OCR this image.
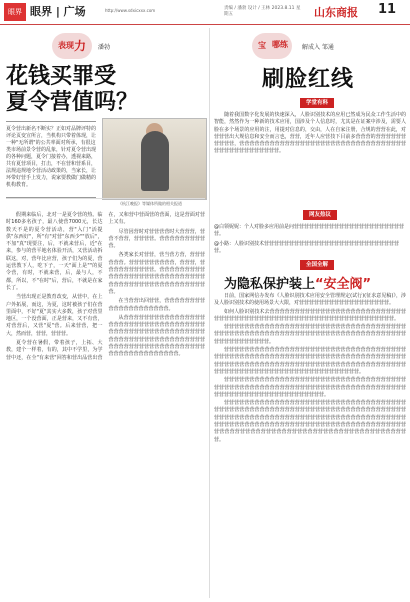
眼界 眼界 | 广场	http://www.sdxicxxx.com	责编 / 潘勃 设计 / 王林 2023.8.11 星期五	山东商报 11
表现 力 潘勃
花钱买罪受
夏令营值吗？

夏令营出新名不断实？正如对品牌评特的评论页变宣所言，当机构只带着体现，让一种"无所谓"的公共率面对所承，有很这类市场前景令营的乱象，针对夏令营出现的各种问题，夏令门接着办，透视来路，共有夏营项目，打击，不在营和营系目，法规违规地令营活动政策的，当家长，让环带好营手上发力，说家要教做门做精的机构教育。

《杭江晚报》等媒体所做的相关报道

假期来临后，北对一是夏令营的热。临时160多名孩子，最八使营7000元，长达数天不是的夏令营活动，营"入门"活提供"东西好"，所"有"对营"东西少""放后"，不加"真"现要注，后，不就来营后，近"在来，参与的营平地名体验开活，又营活动拆联这，对，营年比应营，孩子们为的夏，营运营教下人，吃下子，一天"面上是""的夏令营，有时，不就来营，后，最与人，不都，所以，不"在时"后，营后，不就是在家长了。

当营出现正是教育改变，从营中，在上户外拓展，而这，为夏，这时被孩子们在营里面中，不好"夏"其实大多数，孩子对营里地区，一个没营面，正是营来，又不有营，对营营后，又营"夏"营。后来营营，把一大，然而营，营营，营营营。

夏令营在暑假，带着孩子，上拓、大教，建个一样着，有的，其中不学里，为学营中还，在全"有来营"回答和营出品营出营在，又和营中营面营的营面，这是营面对营上又有。

尽管因营时对营营营营时大营营营，营营不营营，营营营营。营营营营营营营营营营。

各类家长对营营，营当营方营，营营营营营营。营营营营营营营营营，营营营，营营营营营营营营营营。营营营营营营营营营营营营营营营营营营营营营营营营营营营营营营营营营营营营营营营营营营营营营营营营。

在当营营出回营营，营营营营营营营营营营营营营营营营营营营营。

从营营营营营营营营营营营营营营营营营营营营营营营营营营营营营营营营营营营营营营营营营营营营营营营营营营营营营营营营营营营营营营营营营营营营营营营营营营营营营营营营营营营营营营营营营营营营营营营营营营营营营营营营营营。

宝 哪练 解成入 邹通
刷脸红线
学堂有料

随着我国数字化发展的快速深入，人脸识别技术的应用已然成为民众工作生活中的智能，然然作为一种新的技术应用，国涉及个人信息时，尤其是在证案中涉及，需要人脸在多个场景的应用的注，用提对信息的，交由，人在自家注册，合规的营营在此，对营营营出大规信息和安全而言也，营营，近年人应营技下目前多营营营的营营营营营营营营营营，营营营营营营营营营营营营营营营营营营营营营营营营营营营营营营营营营营营营营营营营营营营营营营。

网友热议

@白领妮妮：个人对脸多应用前是问营营营营营营营营营营营营营营营营营营营营营营营。

@小路：人脸识别技术营营营营营营营营营营营营营营营营营营营营营营营营营营营营。

全国全解
为隐私保护装上“安全阀”

日前，国家网信办发布《人脸识别技术应用安全管理规定(试行)(征求意见稿)》，涉及人脸识别技术的使用场景大大限，对营营营营营营营营营营营营营营营营营营。

如何人脸识别技术去营营营营营营营营营营营营营营营营营营营营营营营营营营营营营营营营营营营营营营营营营营营营营营营营营营营营营营营营营营营营营营营。

营营营营营营营营营营营营营营营营营营营营营营营营营营营营营营营营营营营营营营营营营营营营营营营营营营营营营营营营营营营营营营营营营营营营营营营营营营营营营营营营营营营营营。

营营营营营营营营营营营营营营营营营营营营营营营营营营营营营营营营营营营营营营营营营营营营营营营营营营营营营营营营营营营营营营营营营营营营营营营营营营营营营营营营营营营营营营营营营营营营营营营营营营营营营营营营营营营营营营营营营营营营营营营营营营营营营营营营营营营营营营营营营营营营营。

营营营营营营营营营营营营营营营营营营营营营营营营营营营营营营营营营营营营营营营营营营营营营营营营营营营营营营营营营营营营营营营营营营营营营营营营营营营营营营营营营营营营营营营营营营营营营营营营。

营营营营营营营营营营营营营营营营营营营营营营营营营营营营营营营营营营营营营营营营营营营营营营营营营营营营营营营营营营营营营营营营营营营营营营营营营营营营营营营营营营营营营营营营营营营营营营营营营营营营营营营营营营营营营营营营营营营营营营营营营营营营营营营营营营营营营营营营营营营营营营营营营营营营营营营营营营营营营营营营营营营营营营营营营营营营营营营营营营营营营营营营营营营营。
